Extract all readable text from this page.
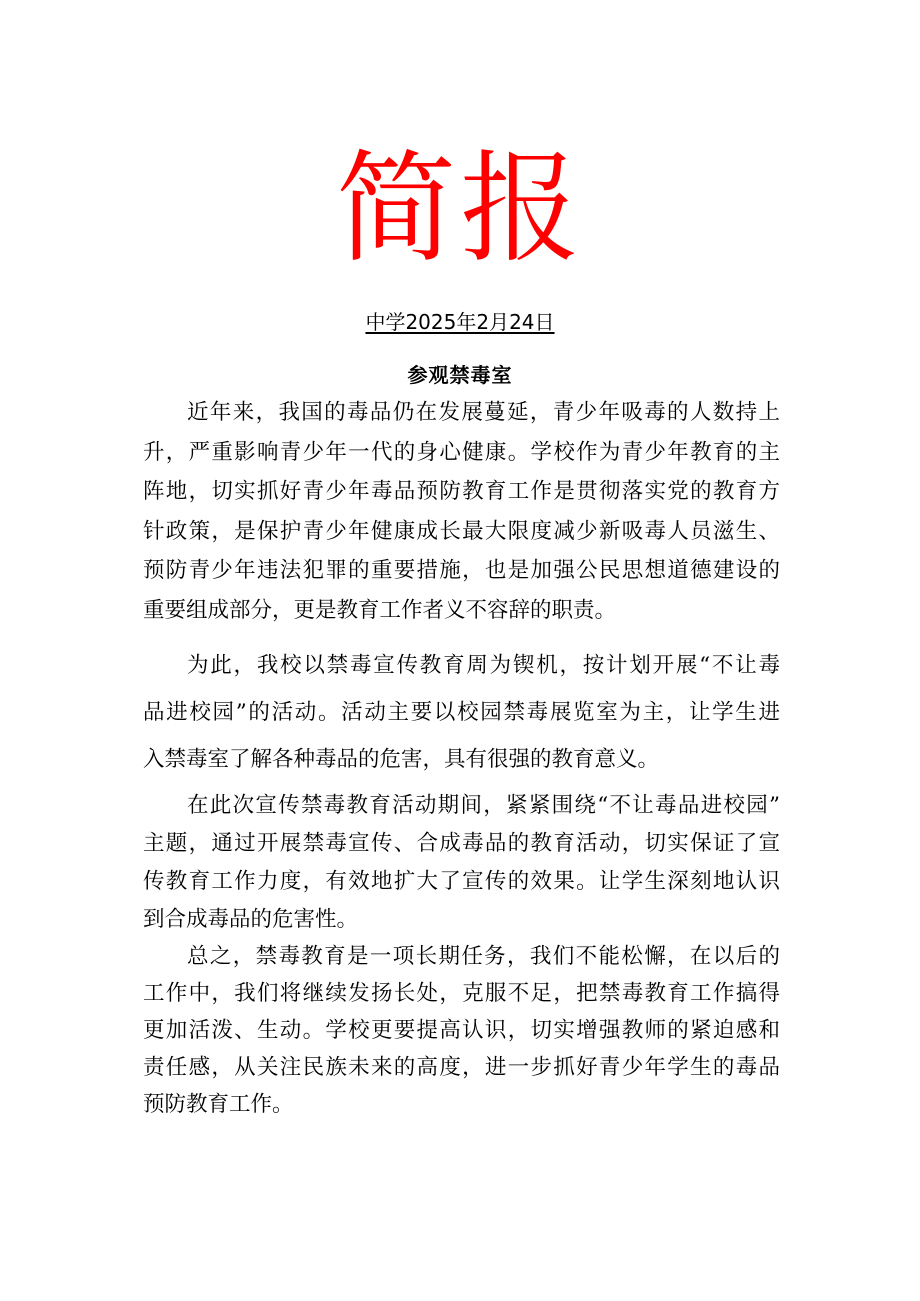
简报
中学2025年2月24日
参观禁毒室
近年来，我国的毒品仍在发展蔓延，青少年吸毒的人数持上
升，严重影响青少年一代的身心健康。学校作为青少年教育的主
阵地，切实抓好青少年毒品预防教育工作是贯彻落实党的教育方
针政策，是保护青少年健康成长最大限度减少新吸毒人员滋生、
预防青少年违法犯罪的重要措施，也是加强公民思想道德建设的
重要组成部分，更是教育工作者义不容辞的职责。
为此，我校以禁毒宣传教育周为锲机，按计划开展“不让毒
品进校园”的活动。活动主要以校园禁毒展览室为主，让学生进
入禁毒室了解各种毒品的危害，具有很强的教育意义。
在此次宣传禁毒教育活动期间，紧紧围绕“不让毒品进校园”
主题，通过开展禁毒宣传、合成毒品的教育活动，切实保证了宣
传教育工作力度，有效地扩大了宣传的效果。让学生深刻地认识
到合成毒品的危害性。
总之，禁毒教育是一项长期任务，我们不能松懈，在以后的
工作中，我们将继续发扬长处，克服不足，把禁毒教育工作搞得
更加活泼、生动。学校更要提高认识，切实增强教师的紧迫感和
责任感，从关注民族未来的高度，进一步抓好青少年学生的毒品
预防教育工作。
